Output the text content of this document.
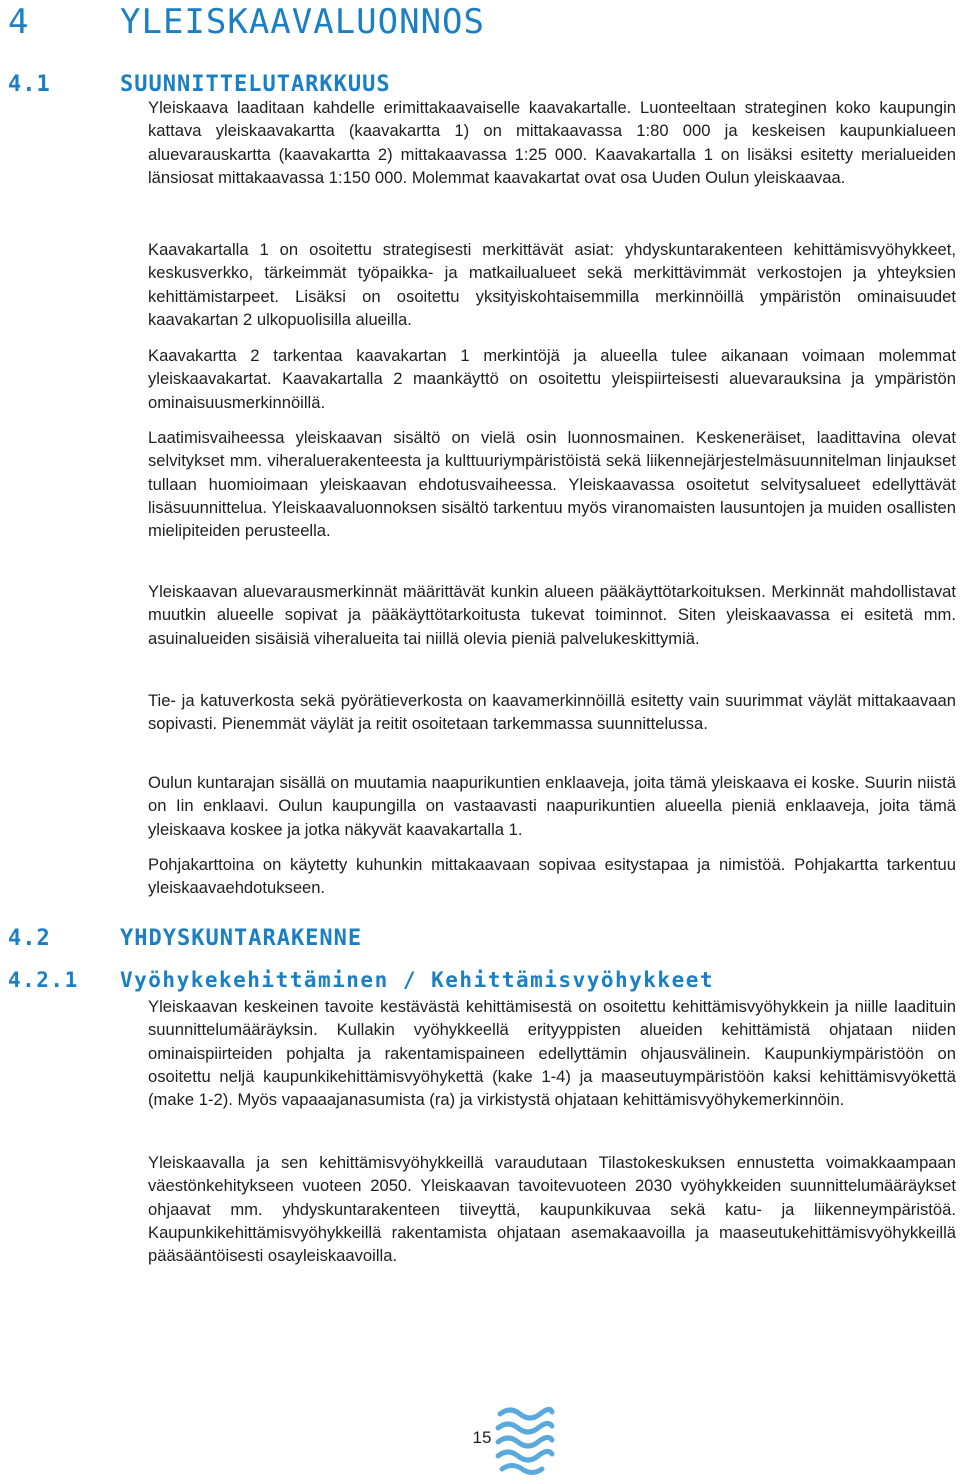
4	YLEISKAAVALUONNOS
4.1	SUUNNITTELUTARKKUUS

Yleiskaava laaditaan kahdelle erimittakaavaiselle kaavakartalle. Luonteeltaan strateginen koko kaupungin kattava yleiskaavakartta (kaavakartta 1) on mittakaavassa 1:80 000 ja keskeisen kaupunkialueen aluevarauskartta (kaavakartta 2) mittakaavassa 1:25 000. Kaavakartalla 1 on lisäksi esitetty merialueiden länsiosat mittakaavassa 1:150 000. Molemmat kaavakartat ovat osa Uuden Oulun yleiskaavaa.

Kaavakartalla 1 on osoitettu strategisesti merkittävät asiat: yhdyskuntarakenteen kehittämisvyöhykkeet, keskusverkko, tärkeimmät työpaikka- ja matkailualueet sekä merkittävimmät verkostojen ja yhteyksien kehittämistarpeet. Lisäksi on osoitettu yksityiskohtaisemmilla merkinnöillä ympäristön ominaisuudet kaavakartan 2 ulkopuolisilla alueilla.

Kaavakartta 2 tarkentaa kaavakartan 1 merkintöjä ja alueella tulee aikanaan voimaan molemmat yleiskaavakartat. Kaavakartalla 2 maankäyttö on osoitettu yleispiirteisesti aluevarauksina ja ympäristön ominaisuusmerkinnöillä.

Laatimisvaiheessa yleiskaavan sisältö on vielä osin luonnosmainen. Keskeneräiset, laadittavina olevat selvitykset mm. viheraluerakenteesta ja kulttuuriympäristöistä sekä liikennejärjestelmäsuunnitelman linjaukset tullaan huomioimaan yleiskaavan ehdotusvaiheessa. Yleiskaavassa osoitetut selvitysalueet edellyttävät lisäsuunnittelua. Yleiskaavaluonnoksen sisältö tarkentuu myös viranomaisten lausuntojen ja muiden osallisten mielipiteiden perusteella.

Yleiskaavan aluevarausmerkinnät määrittävät kunkin alueen pääkäyttötarkoituksen. Merkinnät mahdollistavat muutkin alueelle sopivat ja pääkäyttötarkoitusta tukevat toiminnot. Siten yleiskaavassa ei esitetä mm. asuinalueiden sisäisiä viheralueita tai niillä olevia pieniä palvelukeskittymiä.

Tie- ja katuverkosta sekä pyörätieverkosta on kaavamerkinnöillä esitetty vain suurimmat väylät mittakaavaan sopivasti. Pienemmät väylät ja reitit osoitetaan tarkemmassa suunnittelussa.

Oulun kuntarajan sisällä on muutamia naapurikuntien enklaaveja, joita tämä yleiskaava ei koske. Suurin niistä on Iin enklaavi. Oulun kaupungilla on vastaavasti naapurikuntien alueella pieniä enklaaveja, joita tämä yleiskaava koskee ja jotka näkyvät kaavakartalla 1.

Pohjakarttoina on käytetty kuhunkin mittakaavaan sopivaa esitystapaa ja nimistöä. Pohjakartta tarkentuu yleiskaavaehdotukseen.

4.2	YHDYSKUNTARAKENNE
4.2.1 Vyöhykekehittäminen / Kehittämisvyöhykkeet

Yleiskaavan keskeinen tavoite kestävästä kehittämisestä on osoitettu kehittämisvyöhykkein ja niille laadituin suunnittelumääräyksin. Kullakin vyöhykkeellä erityyppisten alueiden kehittämistä ohjataan niiden ominaispiirteiden pohjalta ja rakentamispaineen edellyttämin ohjausvälinein. Kaupunkiympäristöön on osoitettu neljä kaupunkikehittämisvyöhykettä (kake 1-4) ja maaseutuympäristöön kaksi kehittämisvyökettä (make 1-2). Myös vapaaajanasumista (ra) ja virkistystä ohjataan kehittämisvyöhykemerkinnöin.

Yleiskaavalla ja sen kehittämisvyöhykkeillä varaudutaan Tilastokeskuksen ennustetta voimakkaampaan väestönkehitykseen vuoteen 2050. Yleiskaavan tavoitevuoteen 2030 vyöhykkeiden suunnittelumääräykset ohjaavat mm. yhdyskuntarakenteen tiiveyttä, kaupunkikuvaa sekä katu- ja liikenneympäristöä. Kaupunkikehittämisvyöhykkeillä rakentamista ohjataan asemakaavoilla ja maaseutukehittämisvyöhykkeillä pääsääntöisesti osayleiskaavoilla.

15
